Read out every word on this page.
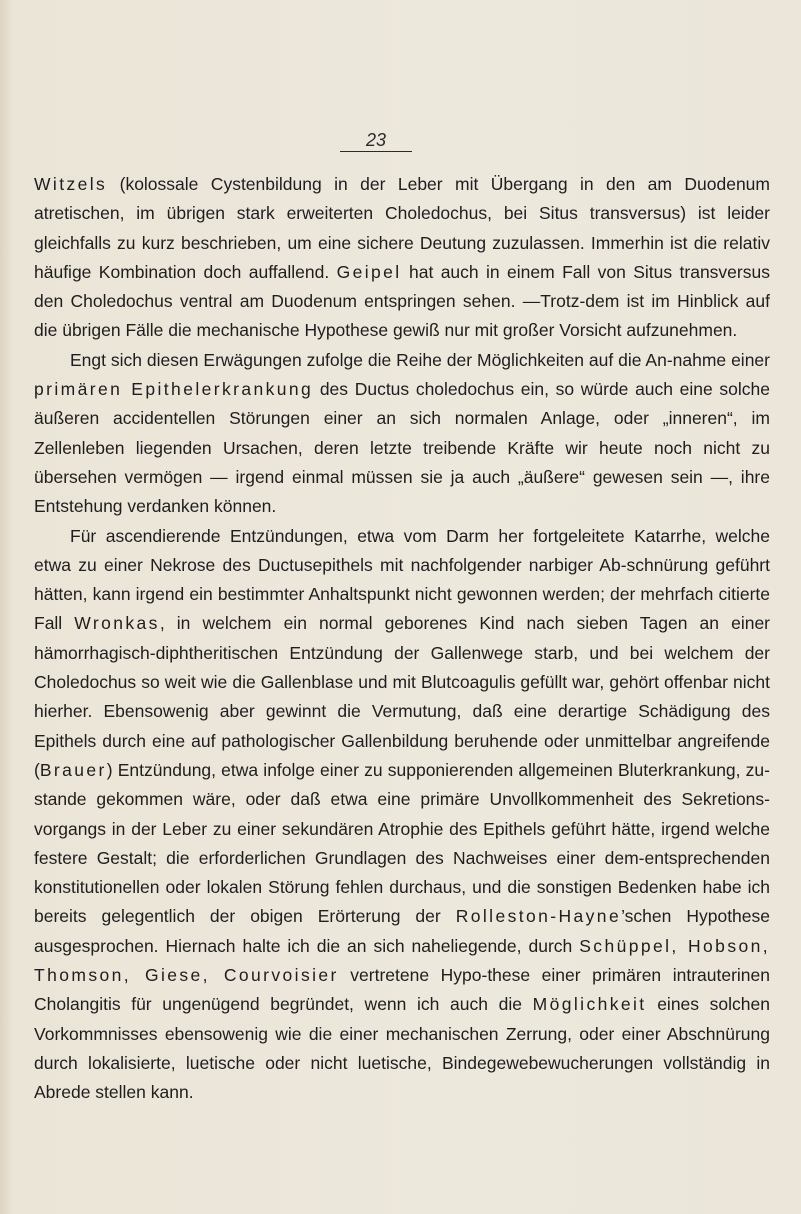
23

Witzels (kolossale Cystenbildung in der Leber mit Übergang in den am Duodenum atretischen, im übrigen stark erweiterten Choledochus, bei Situs transversus) ist leider gleichfalls zu kurz beschrieben, um eine sichere Deutung zuzulassen. Immerhin ist die relativ häufige Kombination doch auffallend. Geipel hat auch in einem Fall von Situs transversus den Choledochus ventral am Duodenum entspringen sehen. —Trotz-dem ist im Hinblick auf die übrigen Fälle die mechanische Hypothese gewiß nur mit großer Vorsicht aufzunehmen.

Engt sich diesen Erwägungen zufolge die Reihe der Möglichkeiten auf die An-nahme einer primären Epithelerkrankung des Ductus choledochus ein, so würde auch eine solche äußeren accidentellen Störungen einer an sich normalen Anlage, oder „inneren“, im Zellenleben liegenden Ursachen, deren letzte treibende Kräfte wir heute noch nicht zu übersehen vermögen — irgend einmal müssen sie ja auch „äußere“ gewesen sein —, ihre Entstehung verdanken können.

Für ascendierende Entzündungen, etwa vom Darm her fortgeleitete Katarrhe, welche etwa zu einer Nekrose des Ductusepithels mit nachfolgender narbiger Ab-schnürung geführt hätten, kann irgend ein bestimmter Anhaltspunkt nicht gewonnen werden; der mehrfach citierte Fall Wronkas, in welchem ein normal geborenes Kind nach sieben Tagen an einer hämorrhagisch-diphtheritischen Entzündung der Gallenwege starb, und bei welchem der Choledochus so weit wie die Gallenblase und mit Blutcoagulis gefüllt war, gehört offenbar nicht hierher. Ebensowenig aber gewinnt die Vermutung, daß eine derartige Schädigung des Epithels durch eine auf pathologischer Gallenbildung beruhende oder unmittelbar angreifende (Brauer) Entzündung, etwa infolge einer zu supponierenden allgemeinen Bluterkrankung, zu-stande gekommen wäre, oder daß etwa eine primäre Unvollkommenheit des Sekretions-vorgangs in der Leber zu einer sekundären Atrophie des Epithels geführt hätte, irgend welche festere Gestalt; die erforderlichen Grundlagen des Nachweises einer dem-entsprechenden konstitutionellen oder lokalen Störung fehlen durchaus, und die sonstigen Bedenken habe ich bereits gelegentlich der obigen Erörterung der Rolleston-Hayne’schen Hypothese ausgesprochen. Hiernach halte ich die an sich naheliegende, durch Schüppel, Hobson, Thomson, Giese, Courvoisier vertretene Hypo-these einer primären intrauterinen Cholangitis für ungenügend begründet, wenn ich auch die Möglichkeit eines solchen Vorkommnisses ebensowenig wie die einer mechanischen Zerrung, oder einer Abschnürung durch lokalisierte, luetische oder nicht luetische, Bindegewebewucherungen vollständig in Abrede stellen kann.
